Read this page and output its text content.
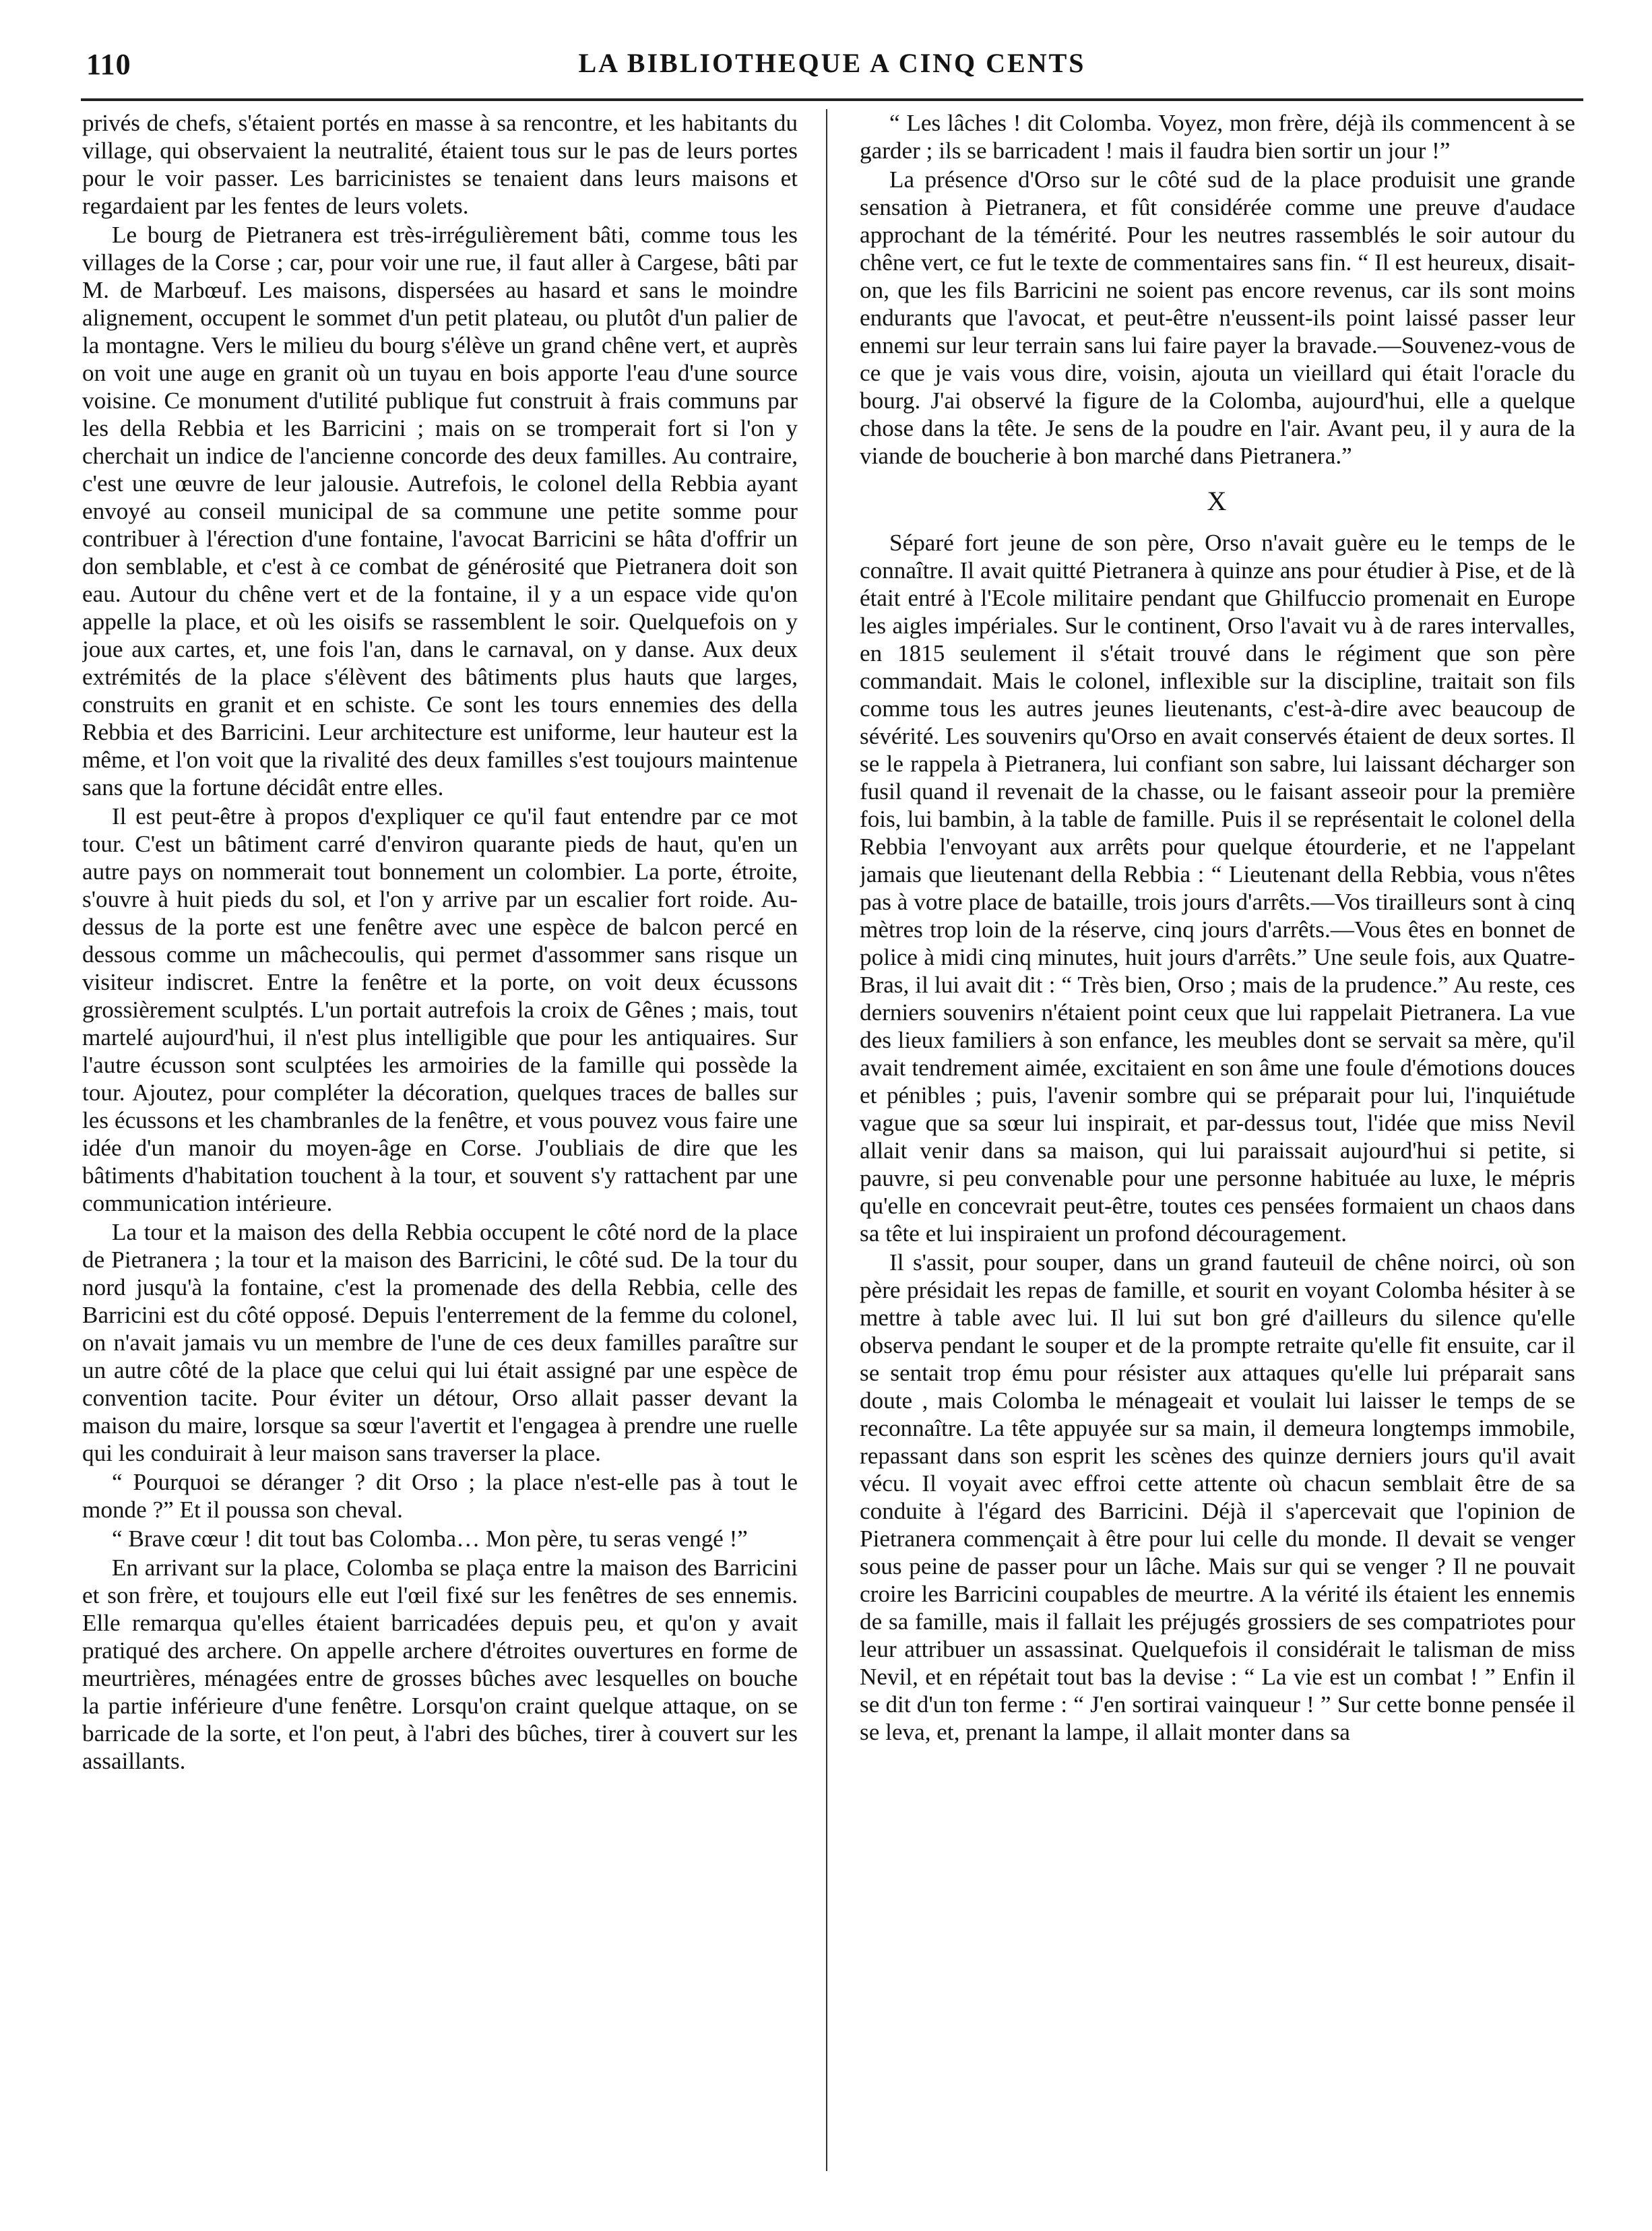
110	LA BIBLIOTHEQUE A CINQ CENTS

privés de chefs, s'étaient portés en masse à sa rencontre, et les habitants du village, qui observaient la neutralité, étaient tous sur le pas de leurs portes pour le voir passer. Les barricinistes se tenaient dans leurs maisons et regardaient par les fentes de leurs volets.

Le bourg de Pietranera est très-irrégulièrement bâti, comme tous les villages de la Corse ; car, pour voir une rue, il faut aller à Cargese, bâti par M. de Marbœuf. Les maisons, dispersées au hasard et sans le moindre alignement, occupent le sommet d'un petit plateau, ou plutôt d'un palier de la montagne. Vers le milieu du bourg s'élève un grand chêne vert, et auprès on voit une auge en granit où un tuyau en bois apporte l'eau d'une source voisine. Ce monument d'utilité publique fut construit à frais communs par les della Rebbia et les Barricini ; mais on se tromperait fort si l'on y cherchait un indice de l'ancienne concorde des deux familles. Au contraire, c'est une œuvre de leur jalousie. Autrefois, le colonel della Rebbia ayant envoyé au conseil municipal de sa commune une petite somme pour contribuer à l'érection d'une fontaine, l'avocat Barricini se hâta d'offrir un don semblable, et c'est à ce combat de générosité que Pietranera doit son eau. Autour du chêne vert et de la fontaine, il y a un espace vide qu'on appelle la place, et où les oisifs se rassemblent le soir. Quelquefois on y joue aux cartes, et, une fois l'an, dans le carnaval, on y danse. Aux deux extrémités de la place s'élèvent des bâtiments plus hauts que larges, construits en granit et en schiste. Ce sont les tours ennemies des della Rebbia et des Barricini. Leur architecture est uniforme, leur hauteur est la même, et l'on voit que la rivalité des deux familles s'est toujours maintenue sans que la fortune décidât entre elles.

Il est peut-être à propos d'expliquer ce qu'il faut entendre par ce mot tour. C'est un bâtiment carré d'environ quarante pieds de haut, qu'en un autre pays on nommerait tout bonnement un colombier. La porte, étroite, s'ouvre à huit pieds du sol, et l'on y arrive par un escalier fort roide. Au-dessus de la porte est une fenêtre avec une espèce de balcon percé en dessous comme un mâchecoulis, qui permet d'assommer sans risque un visiteur indiscret. Entre la fenêtre et la porte, on voit deux écussons grossièrement sculptés. L'un portait autrefois la croix de Gênes ; mais, tout martelé aujourd'hui, il n'est plus intelligible que pour les antiquaires. Sur l'autre écusson sont sculptées les armoiries de la famille qui possède la tour. Ajoutez, pour compléter la décoration, quelques traces de balles sur les écussons et les chambranles de la fenêtre, et vous pouvez vous faire une idée d'un manoir du moyen-âge en Corse. J'oubliais de dire que les bâtiments d'habitation touchent à la tour, et souvent s'y rattachent par une communication intérieure.

La tour et la maison des della Rebbia occupent le côté nord de la place de Pietranera ; la tour et la maison des Barricini, le côté sud. De la tour du nord jusqu'à la fontaine, c'est la promenade des della Rebbia, celle des Barricini est du côté opposé. Depuis l'enterrement de la femme du colonel, on n'avait jamais vu un membre de l'une de ces deux familles paraître sur un autre côté de la place que celui qui lui était assigné par une espèce de convention tacite. Pour éviter un détour, Orso allait passer devant la maison du maire, lorsque sa sœur l'avertit et l'engagea à prendre une ruelle qui les conduirait à leur maison sans traverser la place.

“ Pourquoi se déranger ? dit Orso ; la place n'est-elle pas à tout le monde ?” Et il poussa son cheval.

“ Brave cœur ! dit tout bas Colomba… Mon père, tu seras vengé !”

En arrivant sur la place, Colomba se plaça entre la maison des Barricini et son frère, et toujours elle eut l'œil fixé sur les fenêtres de ses ennemis. Elle remarqua qu'elles étaient barricadées depuis peu, et qu'on y avait pratiqué des archere. On appelle archere d'étroites ouvertures en forme de meurtrières, ménagées entre de grosses bûches avec lesquelles on bouche la partie inférieure d'une fenêtre. Lorsqu'on craint quelque attaque, on se barricade de la sorte, et l'on peut, à l'abri des bûches, tirer à couvert sur les assaillants.

“ Les lâches ! dit Colomba. Voyez, mon frère, déjà ils commencent à se garder ; ils se barricadent ! mais il faudra bien sortir un jour !”

La présence d'Orso sur le côté sud de la place produisit une grande sensation à Pietranera, et fût considérée comme une preuve d'audace approchant de la témérité. Pour les neutres rassemblés le soir autour du chêne vert, ce fut le texte de commentaires sans fin. “ Il est heureux, disait-on, que les fils Barricini ne soient pas encore revenus, car ils sont moins endurants que l'avocat, et peut-être n'eussent-ils point laissé passer leur ennemi sur leur terrain sans lui faire payer la bravade.—Souvenez-vous de ce que je vais vous dire, voisin, ajouta un vieillard qui était l'oracle du bourg. J'ai observé la figure de la Colomba, aujourd'hui, elle a quelque chose dans la tête. Je sens de la poudre en l'air. Avant peu, il y aura de la viande de boucherie à bon marché dans Pietranera.”

X

Séparé fort jeune de son père, Orso n'avait guère eu le temps de le connaître. Il avait quitté Pietranera à quinze ans pour étudier à Pise, et de là était entré à l'Ecole militaire pendant que Ghilfuccio promenait en Europe les aigles impériales. Sur le continent, Orso l'avait vu à de rares intervalles, en 1815 seulement il s'était trouvé dans le régiment que son père commandait. Mais le colonel, inflexible sur la discipline, traitait son fils comme tous les autres jeunes lieutenants, c'est-à-dire avec beaucoup de sévérité. Les souvenirs qu'Orso en avait conservés étaient de deux sortes. Il se le rappela à Pietranera, lui confiant son sabre, lui laissant décharger son fusil quand il revenait de la chasse, ou le faisant asseoir pour la première fois, lui bambin, à la table de famille. Puis il se représentait le colonel della Rebbia l'envoyant aux arrêts pour quelque étourderie, et ne l'appelant jamais que lieutenant della Rebbia : “ Lieutenant della Rebbia, vous n'êtes pas à votre place de bataille, trois jours d'arrêts.—Vos tirailleurs sont à cinq mètres trop loin de la réserve, cinq jours d'arrêts.—Vous êtes en bonnet de police à midi cinq minutes, huit jours d'arrêts.” Une seule fois, aux Quatre-Bras, il lui avait dit : “ Très bien, Orso ; mais de la prudence.” Au reste, ces derniers souvenirs n'étaient point ceux que lui rappelait Pietranera. La vue des lieux familiers à son enfance, les meubles dont se servait sa mère, qu'il avait tendrement aimée, excitaient en son âme une foule d'émotions douces et pénibles ; puis, l'avenir sombre qui se préparait pour lui, l'inquiétude vague que sa sœur lui inspirait, et par-dessus tout, l'idée que miss Nevil allait venir dans sa maison, qui lui paraissait aujourd'hui si petite, si pauvre, si peu convenable pour une personne habituée au luxe, le mépris qu'elle en concevrait peut-être, toutes ces pensées formaient un chaos dans sa tête et lui inspiraient un profond découragement.

Il s'assit, pour souper, dans un grand fauteuil de chêne noirci, où son père présidait les repas de famille, et sourit en voyant Colomba hésiter à se mettre à table avec lui. Il lui sut bon gré d'ailleurs du silence qu'elle observa pendant le souper et de la prompte retraite qu'elle fit ensuite, car il se sentait trop ému pour résister aux attaques qu'elle lui préparait sans doute , mais Colomba le ménageait et voulait lui laisser le temps de se reconnaître. La tête appuyée sur sa main, il demeura longtemps immobile, repassant dans son esprit les scènes des quinze derniers jours qu'il avait vécu. Il voyait avec effroi cette attente où chacun semblait être de sa conduite à l'égard des Barricini. Déjà il s'apercevait que l'opinion de Pietranera commençait à être pour lui celle du monde. Il devait se venger sous peine de passer pour un lâche. Mais sur qui se venger ? Il ne pouvait croire les Barricini coupables de meurtre. A la vérité ils étaient les ennemis de sa famille, mais il fallait les préjugés grossiers de ses compatriotes pour leur attribuer un assassinat. Quelquefois il considérait le talisman de miss Nevil, et en répétait tout bas la devise : “ La vie est un combat ! ” Enfin il se dit d'un ton ferme : “ J'en sortirai vainqueur ! ” Sur cette bonne pensée il se leva, et, prenant la lampe, il allait monter dans sa
